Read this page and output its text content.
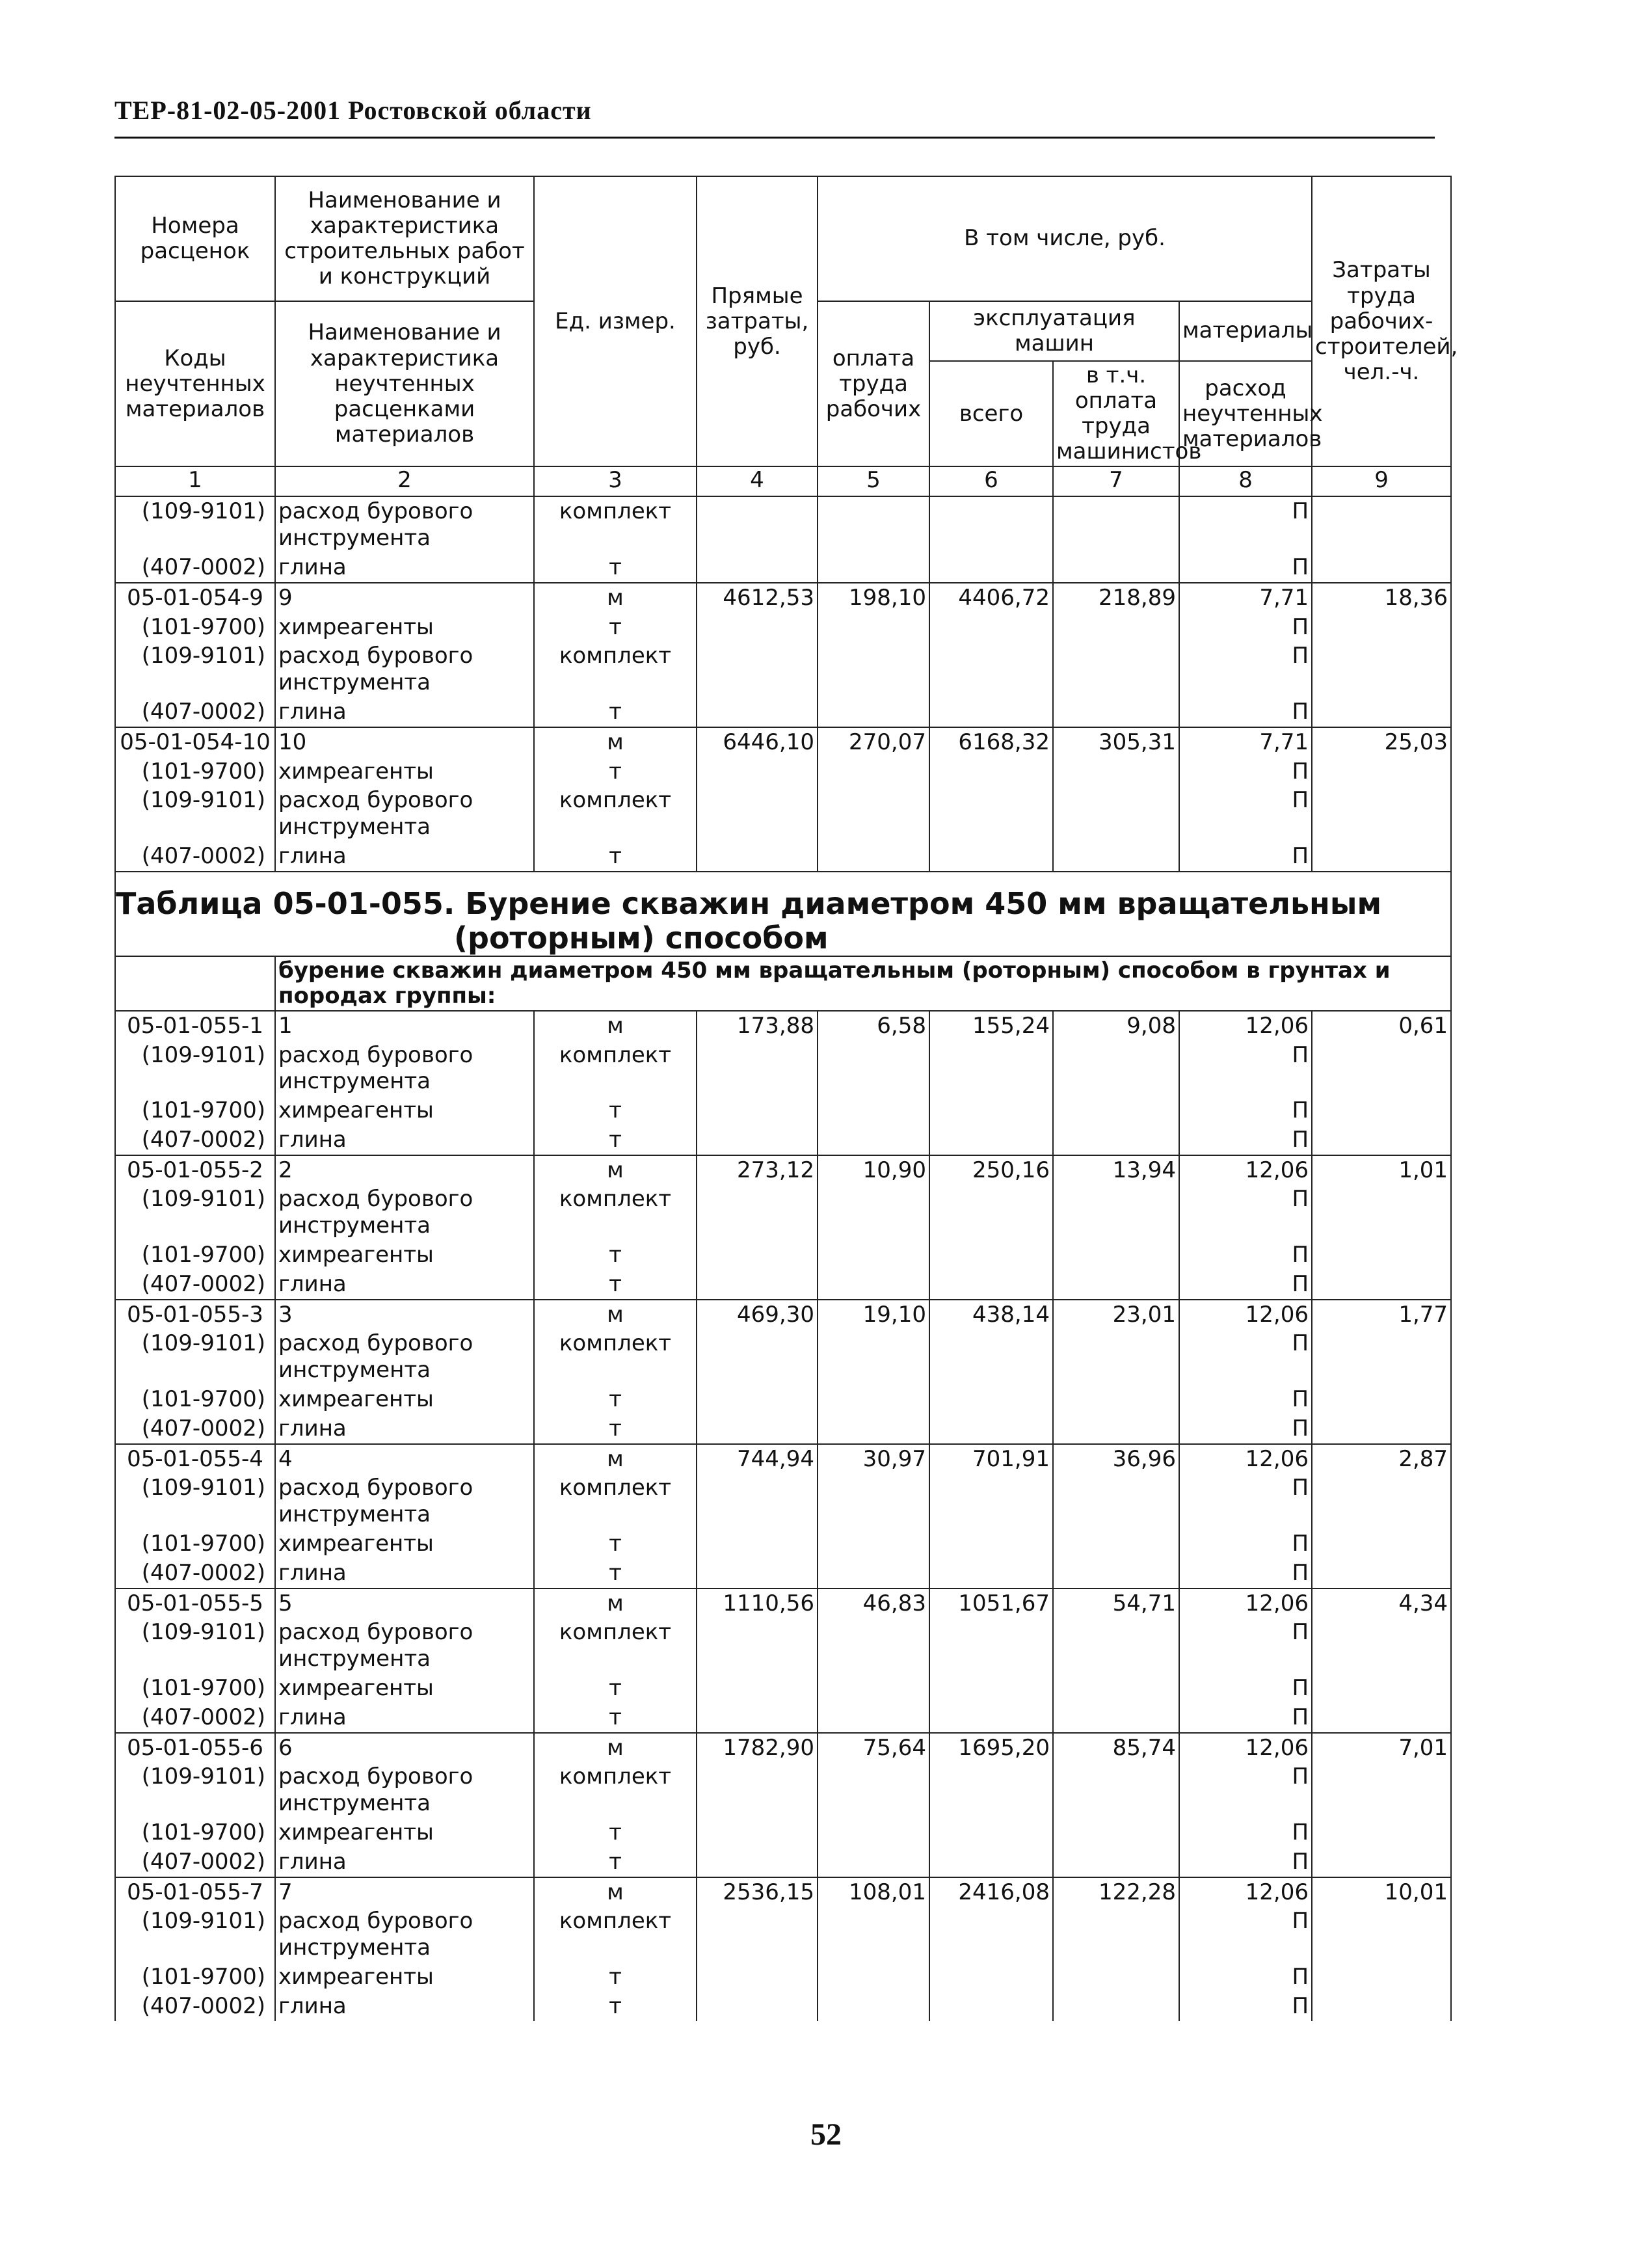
ТЕР-81-02-05-2001 Ростовской области
Номера расценок	Наименование и характеристика строительных работ и конструкций	Ед. измер.	Прямые затраты, руб.	В том числе, руб.				Затраты труда рабочих-строителей, чел.-ч.
Коды неучтенных материалов	Наименование и характеристика неучтенных расценками материалов			оплата труда рабочих	эксплуатация машин		материалы	
					всего	в т.ч. оплата труда машинистов	расход неучтенных материалов	

1	2	3	4	5	6	7	8	9
(109-9101)	расход бурового инструмента	комплект					П	
(407-0002)	глина	т					П	
05-01-054-9	9	м	4612,53	198,10	4406,72	218,89	7,71	18,36
(101-9700)	химреагенты	т					П	
(109-9101)	расход бурового инструмента	комплект					П	
(407-0002)	глина	т					П	
05-01-054-10	10	м	6446,10	270,07	6168,32	305,31	7,71	25,03
(101-9700)	химреагенты	т					П	
(109-9101)	расход бурового инструмента	комплект					П	
(407-0002)	глина	т					П	
Таблица 05-01-055. Бурение скважин диаметром 450 мм вращательным
(роторным) способом								

	бурение скважин диаметром 450 мм вращательным (роторным) способом в грунтах и породах группы:							
05-01-055-1	1	м	173,88	6,58	155,24	9,08	12,06	0,61
(109-9101)	расход бурового инструмента	комплект					П	
(101-9700)	химреагенты	т					П	
(407-0002)	глина	т					П	
05-01-055-2	2	м	273,12	10,90	250,16	13,94	12,06	1,01
(109-9101)	расход бурового инструмента	комплект					П	
(101-9700)	химреагенты	т					П	
(407-0002)	глина	т					П	
05-01-055-3	3	м	469,30	19,10	438,14	23,01	12,06	1,77
(109-9101)	расход бурового инструмента	комплект					П	
(101-9700)	химреагенты	т					П	
(407-0002)	глина	т					П	
05-01-055-4	4	м	744,94	30,97	701,91	36,96	12,06	2,87
(109-9101)	расход бурового инструмента	комплект					П	
(101-9700)	химреагенты	т					П	
(407-0002)	глина	т					П	
05-01-055-5	5	м	1110,56	46,83	1051,67	54,71	12,06	4,34
(109-9101)	расход бурового инструмента	комплект					П	
(101-9700)	химреагенты	т					П	
(407-0002)	глина	т					П	
05-01-055-6	6	м	1782,90	75,64	1695,20	85,74	12,06	7,01
(109-9101)	расход бурового инструмента	комплект					П	
(101-9700)	химреагенты	т					П	
(407-0002)	глина	т					П	
05-01-055-7	7	м	2536,15	108,01	2416,08	122,28	12,06	10,01
(109-9101)	расход бурового инструмента	комплект					П	
(101-9700)	химреагенты	т					П	
(407-0002)	глина	т					П	
52
